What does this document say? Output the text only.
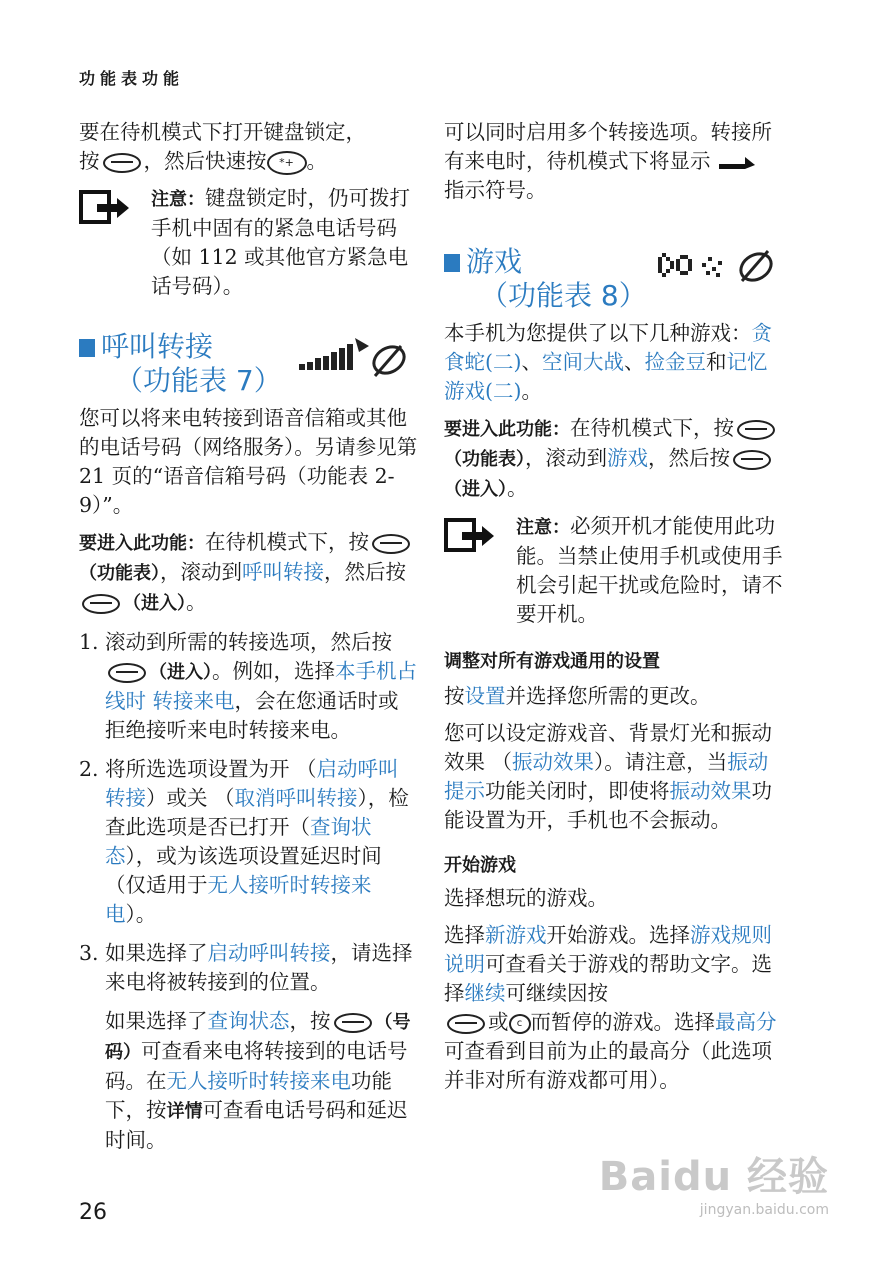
功能表功能

要在待机模式下打开键盘锁定，
按 ，然后快速按 *+ 。

注意：键盘锁定时，仍可拨打手机中固有的紧急电话号码（如 112 或其他官方紧急电话号码）。

呼叫转接
（功能表 7）

您可以将来电转接到语音信箱或其他的电话号码（网络服务）。另请参见第 21 页的“语音信箱号码（功能表 2-9）”。

要进入此功能：在待机模式下，按（功能表），滚动到呼叫转接，然后按（进入）。

1. 滚动到所需的转接选项，然后按（进入）。例如，选择本手机占线时 转接来电，会在您通话时或拒绝接听来电时转接来电。
2. 将所选选项设置为开 （启动呼叫转接）或关 （取消呼叫转接），检查此选项是否已打开（查询状态），或为该选项设置延迟时间 （仅适用于无人接听时转接来电）。
3. 如果选择了启动呼叫转接，请选择来电将被转接到的位置。
如果选择了查询状态，按 （号码）可查看来电将转接到的电话号码。在无人接听时转接来电功能下，按详情可查看电话号码和延迟时间。

可以同时启用多个转接选项。转接所有来电时，待机模式下将显示  指示符号。

游戏
（功能表 8）

本手机为您提供了以下几种游戏：贪食蛇(二)、空间大战、捡金豆和记忆游戏(二)。

要进入此功能：在待机模式下，按（功能表），滚动到游戏，然后按（进入）。

注意：必须开机才能使用此功能。当禁止使用手机或使用手机会引起干扰或危险时，请不要开机。

调整对所有游戏通用的设置

按设置并选择您所需的更改。

您可以设定游戏音、背景灯光和振动效果 （振动效果）。请注意，当振动提示功能关闭时，即使将振动效果功能设置为开，手机也不会振动。

开始游戏

选择想玩的游戏。

选择新游戏开始游戏。选择游戏规则说明可查看关于游戏的帮助文字。选择继续可继续因按
或 c 而暂停的游戏。选择最高分可查看到目前为止的最高分（此选项并非对所有游戏都可用）。

26
Baidu 经验
jingyan.baidu.com
